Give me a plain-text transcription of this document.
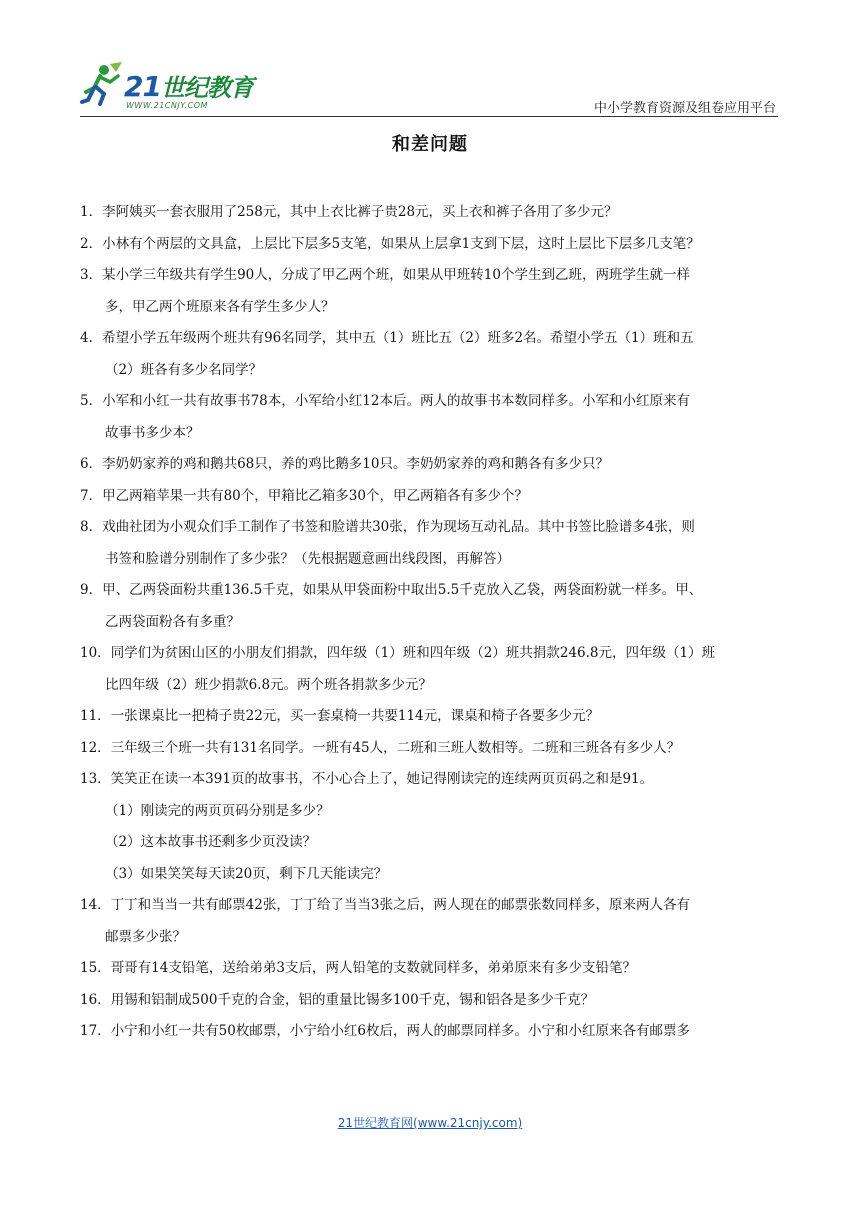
21世纪教育
WWW.21CNJY.COM	中小学教育资源及组卷应用平台
和差问题
1．李阿姨买一套衣服用了258元，其中上衣比裤子贵28元，买上衣和裤子各用了多少元？
2．小林有个两层的文具盒，上层比下层多5支笔，如果从上层拿1支到下层，这时上层比下层多几支笔？
3．某小学三年级共有学生90人，分成了甲乙两个班，如果从甲班转10个学生到乙班，两班学生就一样
多，甲乙两个班原来各有学生多少人？
4．希望小学五年级两个班共有96名同学，其中五（1）班比五（2）班多2名。希望小学五（1）班和五
（2）班各有多少名同学？
5．小军和小红一共有故事书78本，小军给小红12本后。两人的故事书本数同样多。小军和小红原来有
故事书多少本？
6．李奶奶家养的鸡和鹅共68只，养的鸡比鹅多10只。李奶奶家养的鸡和鹅各有多少只？
7．甲乙两箱苹果一共有80个，甲箱比乙箱多30个，甲乙两箱各有多少个？
8．戏曲社团为小观众们手工制作了书签和脸谱共30张，作为现场互动礼品。其中书签比脸谱多4张，则
书签和脸谱分别制作了多少张？（先根据题意画出线段图，再解答）
9．甲、乙两袋面粉共重136.5千克，如果从甲袋面粉中取出5.5千克放入乙袋，两袋面粉就一样多。甲、
乙两袋面粉各有多重？
10．同学们为贫困山区的小朋友们捐款，四年级（1）班和四年级（2）班共捐款246.8元，四年级（1）班
比四年级（2）班少捐款6.8元。两个班各捐款多少元？
11．一张课桌比一把椅子贵22元，买一套桌椅一共要114元，课桌和椅子各要多少元？
12．三年级三个班一共有131名同学。一班有45人，二班和三班人数相等。二班和三班各有多少人？
13．笑笑正在读一本391页的故事书，不小心合上了，她记得刚读完的连续两页页码之和是91。
（1）刚读完的两页页码分别是多少？
（2）这本故事书还剩多少页没读？
（3）如果笑笑每天读20页，剩下几天能读完？
14．丁丁和当当一共有邮票42张，丁丁给了当当3张之后，两人现在的邮票张数同样多，原来两人各有
邮票多少张？
15．哥哥有14支铅笔，送给弟弟3支后，两人铅笔的支数就同样多，弟弟原来有多少支铅笔？
16．用锡和铝制成500千克的合金，铝的重量比锡多100千克，锡和铝各是多少千克？
17．小宁和小红一共有50枚邮票，小宁给小红6枚后，两人的邮票同样多。小宁和小红原来各有邮票多
21世纪教育网(www.21cnjy.com)
